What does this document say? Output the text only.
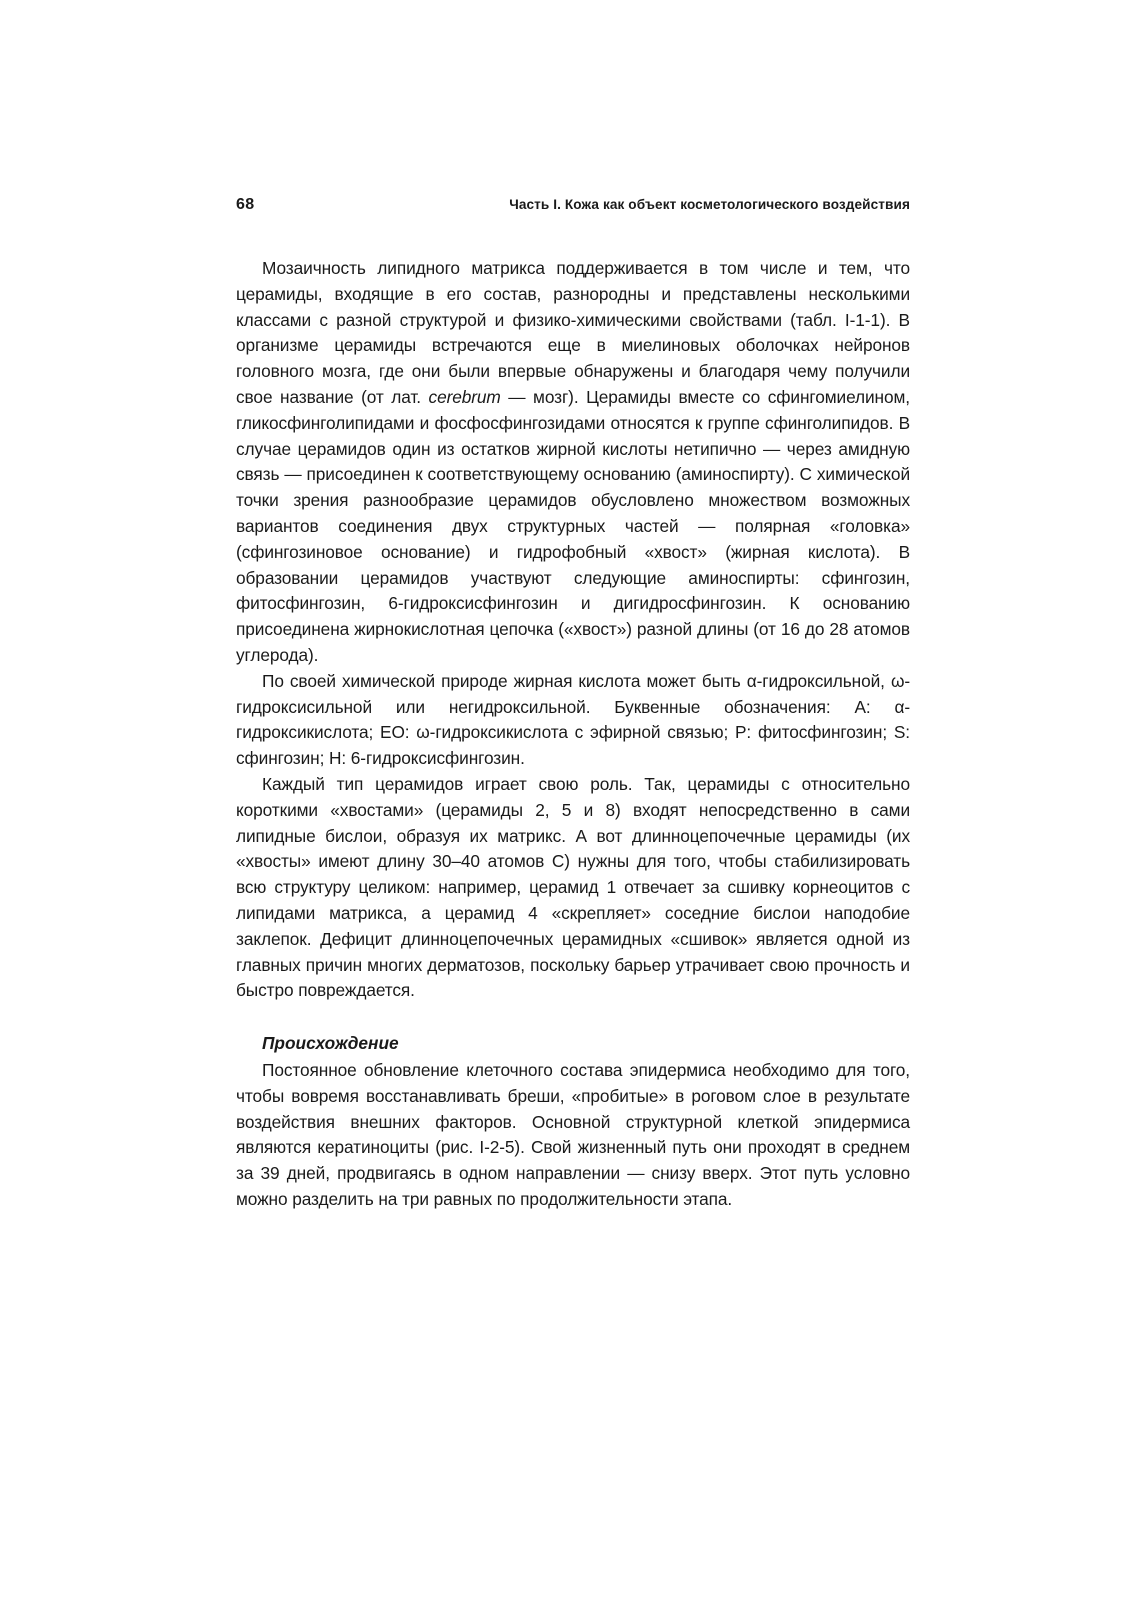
68	Часть I. Кожа как объект косметологического воздействия

Мозаичность липидного матрикса поддерживается в том числе и тем, что церамиды, входящие в его состав, разнородны и представлены несколькими классами с разной структурой и физико-химическими свойствами (табл. I-1-1). В организме церамиды встречаются еще в миелиновых оболочках нейронов головного мозга, где они были впервые обнаружены и благодаря чему получили свое название (от лат. cerebrum — мозг). Церамиды вместе со сфингомиелином, гликосфинголипидами и фосфосфингозидами относятся к группе сфинголипидов. В случае церамидов один из остатков жирной кислоты нетипично — через амидную связь — присоединен к соответствующему основанию (аминоспирту). С химической точки зрения разнообразие церамидов обусловлено множеством возможных вариантов соединения двух структурных частей — полярная «головка» (сфингозиновое основание) и гидрофобный «хвост» (жирная кислота). В образовании церамидов участвуют следующие аминоспирты: сфингозин, фитосфингозин, 6-гидроксисфингозин и дигидросфингозин. К основанию присоединена жирнокислотная цепочка («хвост») разной длины (от 16 до 28 атомов углерода).

По своей химической природе жирная кислота может быть α-гидроксильной, ω-гидроксисильной или негидроксильной. Буквенные обозначения: A: α-гидроксикислота; EO: ω-гидроксикислота с эфирной связью; P: фитосфингозин; S: сфингозин; H: 6-гидроксисфингозин.

Каждый тип церамидов играет свою роль. Так, церамиды с относительно короткими «хвостами» (церамиды 2, 5 и 8) входят непосредственно в сами липидные бислои, образуя их матрикс. А вот длинноцепочечные церамиды (их «хвосты» имеют длину 30–40 атомов С) нужны для того, чтобы стабилизировать всю структуру целиком: например, церамид 1 отвечает за сшивку корнеоцитов с липидами матрикса, а церамид 4 «скрепляет» соседние бислои наподобие заклепок. Дефицит длинноцепочечных церамидных «сшивок» является одной из главных причин многих дерматозов, поскольку барьер утрачивает свою прочность и быстро повреждается.

Происхождение

Постоянное обновление клеточного состава эпидермиса необходимо для того, чтобы вовремя восстанавливать бреши, «пробитые» в роговом слое в результате воздействия внешних факторов. Основной структурной клеткой эпидермиса являются кератиноциты (рис. I-2-5). Свой жизненный путь они проходят в среднем за 39 дней, продвигаясь в одном направлении — снизу вверх. Этот путь условно можно разделить на три равных по продолжительности этапа.
